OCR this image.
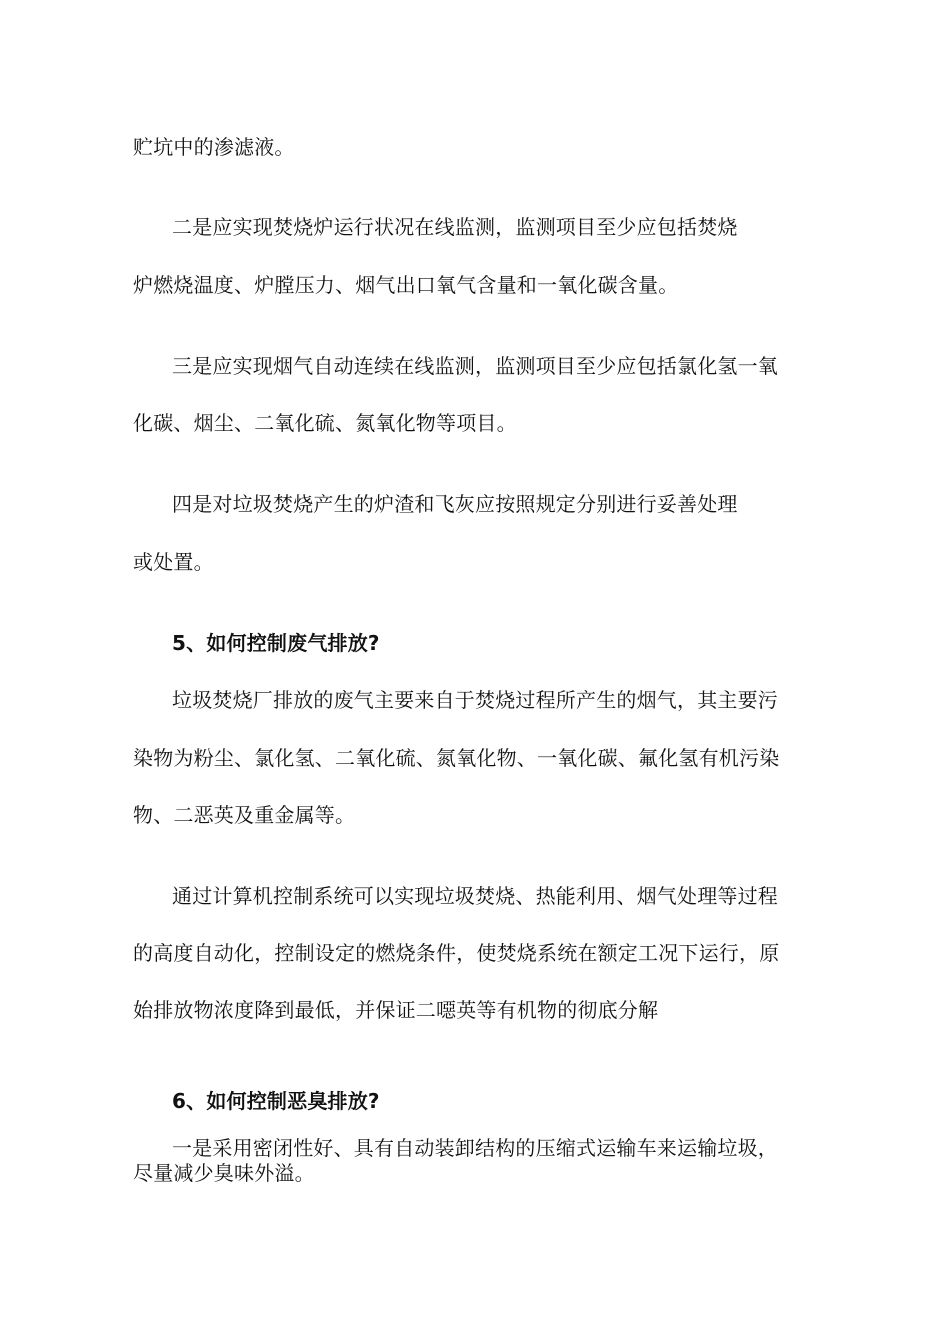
贮坑中的渗滤液。
二是应实现焚烧炉运行状况在线监测，监测项目至少应包括焚烧
炉燃烧温度、炉膛压力、烟气出口氧气含量和一氧化碳含量。
三是应实现烟气自动连续在线监测，监测项目至少应包括氯化氢一氧
化碳、烟尘、二氧化硫、氮氧化物等项目。
四是对垃圾焚烧产生的炉渣和飞灰应按照规定分别进行妥善处理
或处置。
5、如何控制废气排放?
垃圾焚烧厂排放的废气主要来自于焚烧过程所产生的烟气，其主要污
染物为粉尘、氯化氢、二氧化硫、氮氧化物、一氧化碳、氟化氢有机污染
物、二恶英及重金属等。
通过计算机控制系统可以实现垃圾焚烧、热能利用、烟气处理等过程
的高度自动化，控制设定的燃烧条件，使焚烧系统在额定工况下运行，原
始排放物浓度降到最低，并保证二噁英等有机物的彻底分解
6、如何控制恶臭排放?
一是采用密闭性好、具有自动装卸结构的压缩式运输车来运输垃圾，
尽量减少臭味外溢。
